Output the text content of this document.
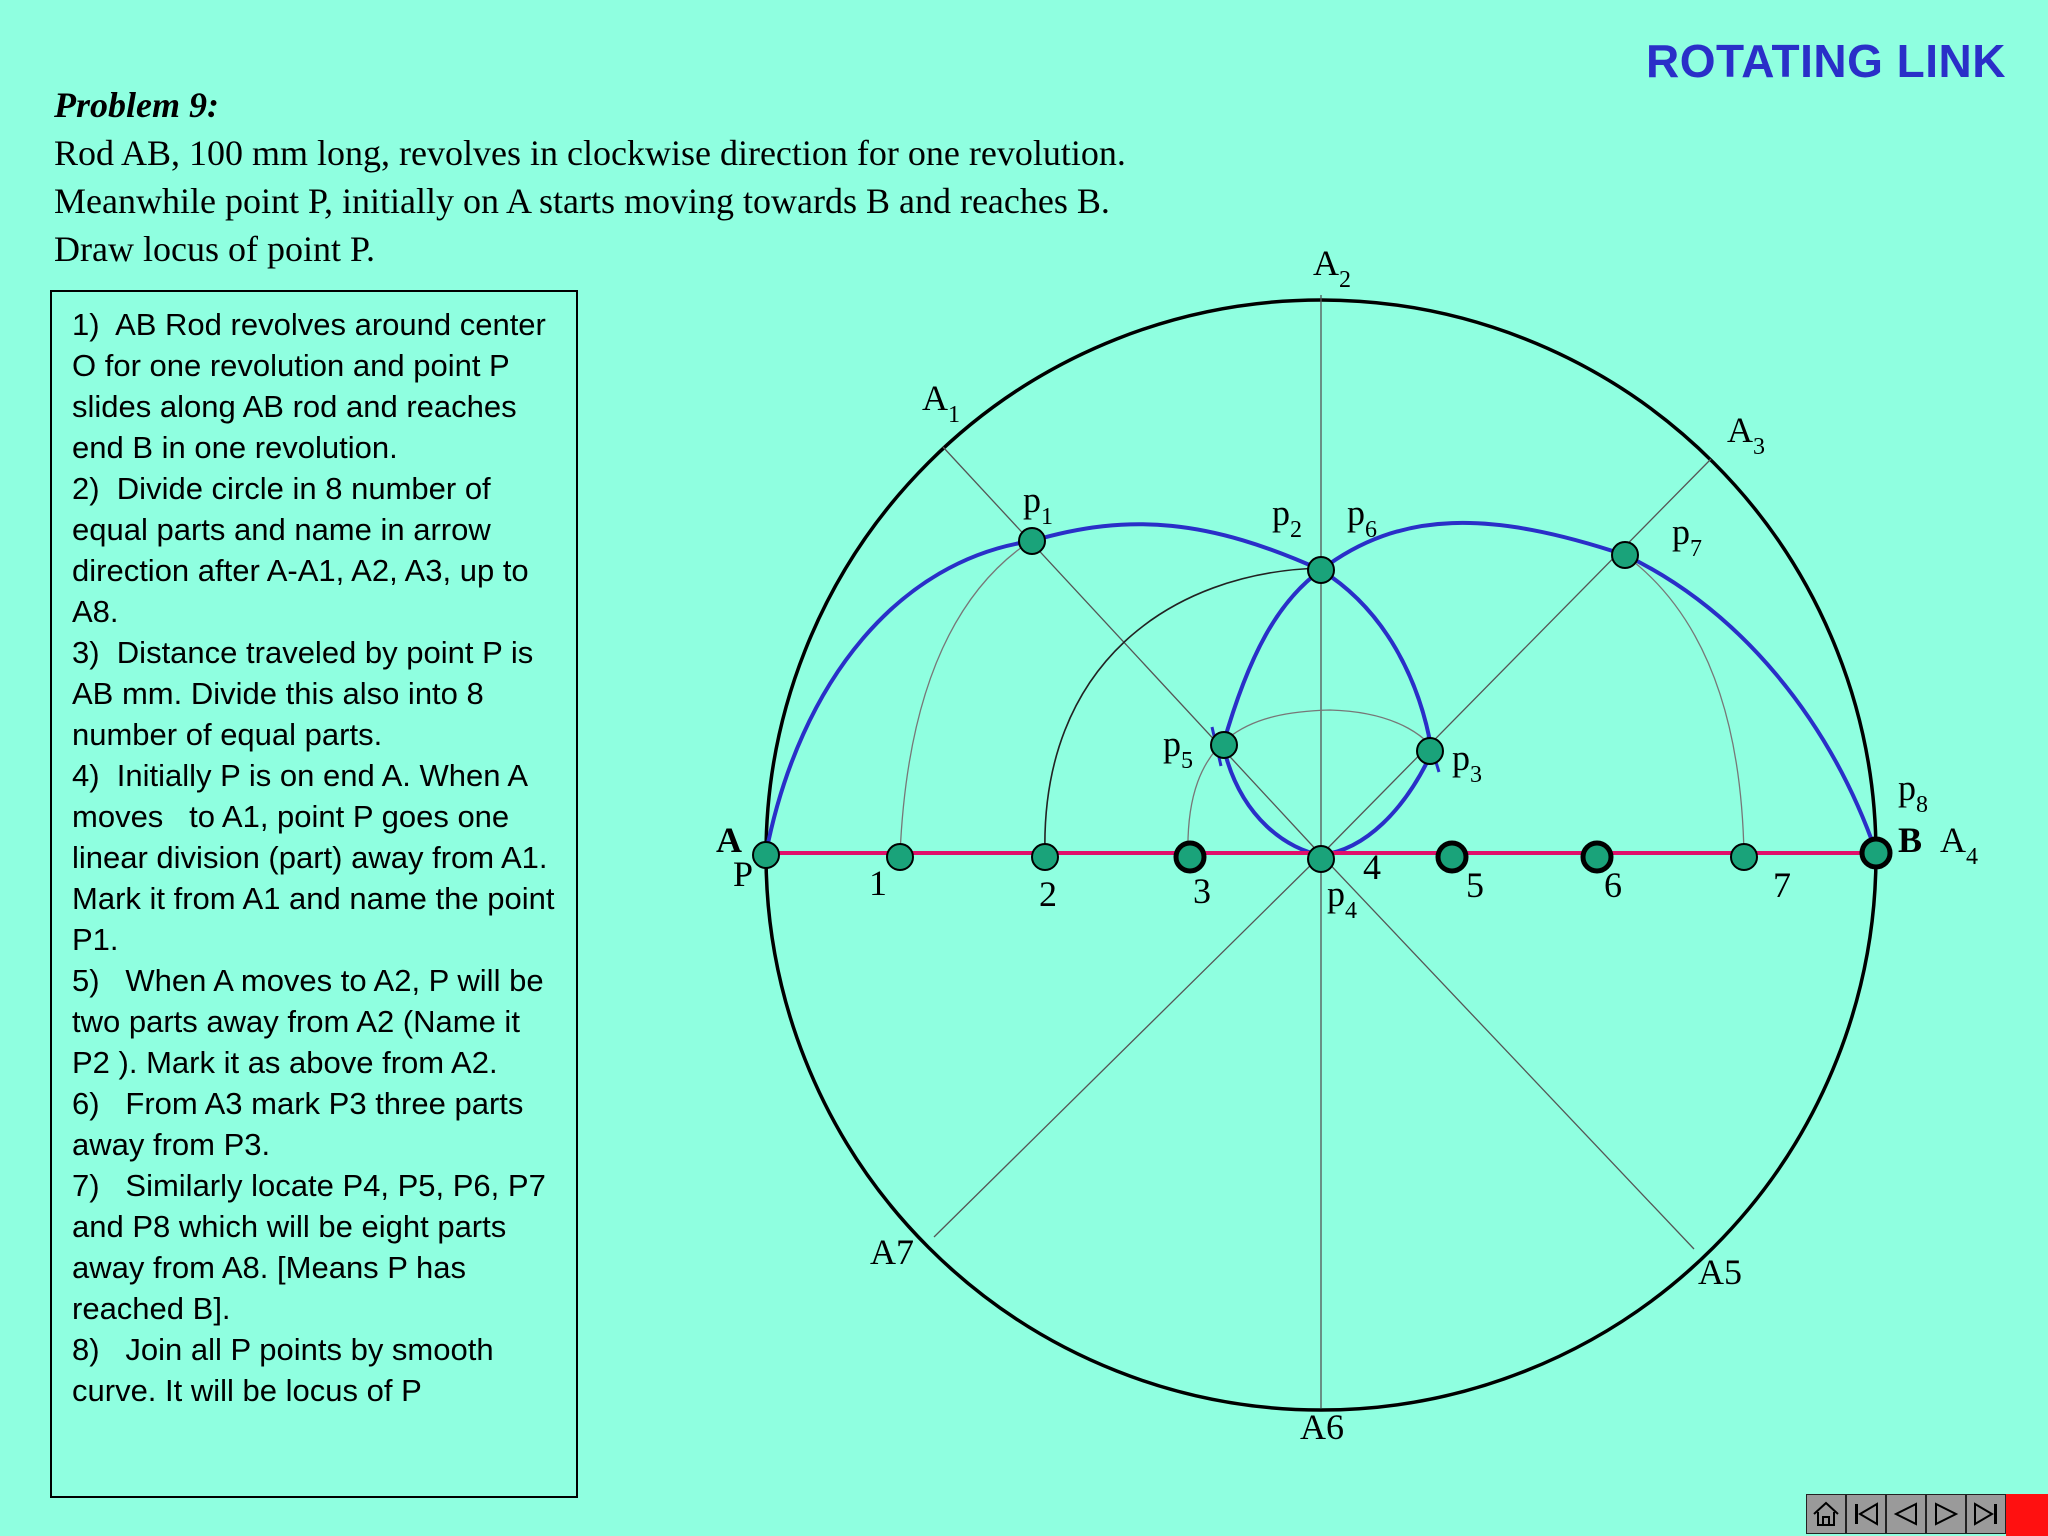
ROTATING LINK
Problem 9:
Rod AB, 100 mm long, revolves in clockwise direction for one revolution.
Meanwhile point P, initially on A starts moving towards B and reaches B.
Draw locus of point P.
1)  AB Rod revolves around center O for one revolution and point P slides along AB rod and reaches end B in one revolution.
2)  Divide circle in 8 number of equal parts and name in arrow direction after A-A1, A2, A3, up to A8.
3)  Distance traveled by point P is AB mm. Divide this also into 8 number of equal parts.
4)  Initially P is on end A. When A moves   to A1, point P goes one linear division (part) away from A1. Mark it from A1 and name the point P1.
5)   When A moves to A2, P will be two parts away from A2 (Name it P2 ). Mark it as above from A2.
6)   From A3 mark P3 three parts away from P3.
7)   Similarly locate P4, P5, P6, P7 and P8 which will be eight parts away from A8. [Means P has reached B].
8)   Join all P points by smooth curve. It will be locus of P
$A_1$
$A_2$
$A_3$
$A_4$
A5
A6
A7
A
P
B
1	2	3
4 5	6	7
$p_1$	$p_2$
$p_3$
$p_4$
$p_5$
$p_6$	$p_7$
$p_8$
